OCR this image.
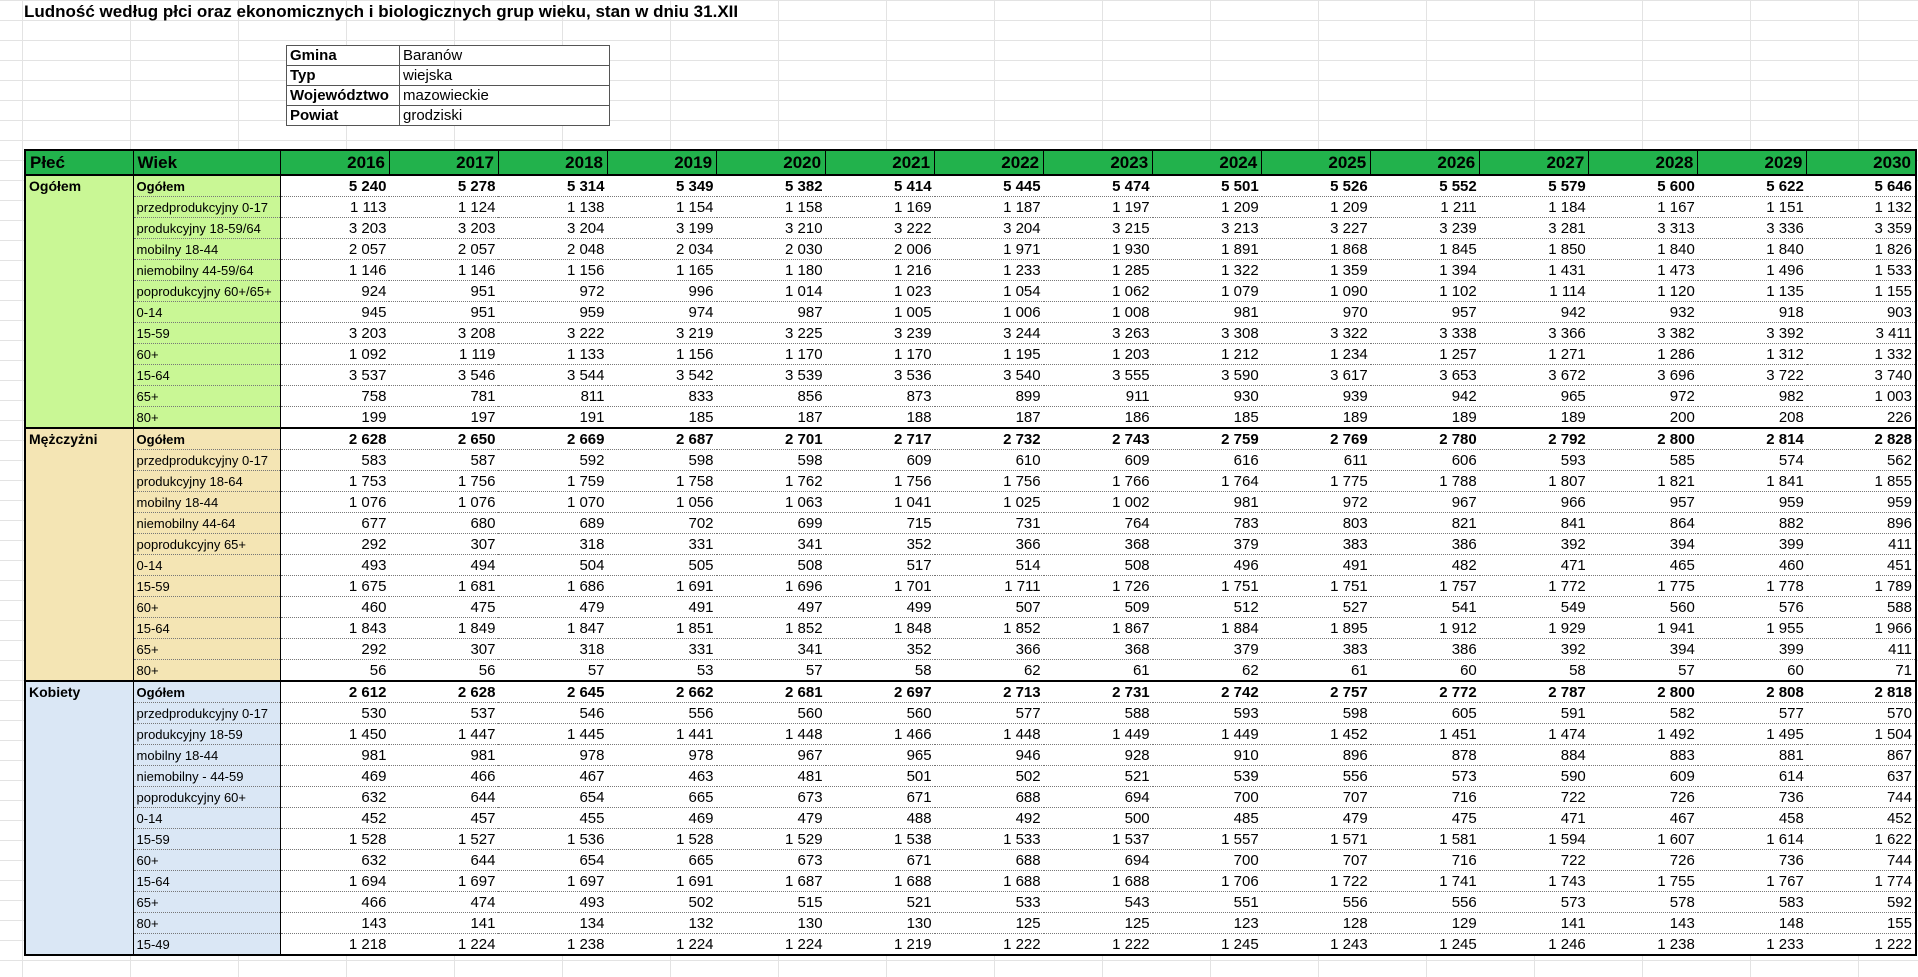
Ludność według płci oraz ekonomicznych i biologicznych grup wieku, stan w dniu 31.XII
Gmina	Baranów
Typ	wiejska
Województwo	mazowieckie
Powiat	grodziski
Płeć	Wiek	2016	2017	2018	2019	2020	2021	2022	2023	2024	2025	2026	2027	2028	2029	2030
Ogółem	Ogółem	5 240	5 278	5 314	5 349	5 382	5 414	5 445	5 474	5 501	5 526	5 552	5 579	5 600	5 622	5 646
	przedprodukcyjny 0-17	1 113	1 124	1 138	1 154	1 158	1 169	1 187	1 197	1 209	1 209	1 211	1 184	1 167	1 151	1 132
	produkcyjny 18-59/64	3 203	3 203	3 204	3 199	3 210	3 222	3 204	3 215	3 213	3 227	3 239	3 281	3 313	3 336	3 359
	mobilny 18-44	2 057	2 057	2 048	2 034	2 030	2 006	1 971	1 930	1 891	1 868	1 845	1 850	1 840	1 840	1 826
	niemobilny 44-59/64	1 146	1 146	1 156	1 165	1 180	1 216	1 233	1 285	1 322	1 359	1 394	1 431	1 473	1 496	1 533
	poprodukcyjny 60+/65+	924	951	972	996	1 014	1 023	1 054	1 062	1 079	1 090	1 102	1 114	1 120	1 135	1 155
	0-14	945	951	959	974	987	1 005	1 006	1 008	981	970	957	942	932	918	903
	15-59	3 203	3 208	3 222	3 219	3 225	3 239	3 244	3 263	3 308	3 322	3 338	3 366	3 382	3 392	3 411
	60+	1 092	1 119	1 133	1 156	1 170	1 170	1 195	1 203	1 212	1 234	1 257	1 271	1 286	1 312	1 332
	15-64	3 537	3 546	3 544	3 542	3 539	3 536	3 540	3 555	3 590	3 617	3 653	3 672	3 696	3 722	3 740
	65+	758	781	811	833	856	873	899	911	930	939	942	965	972	982	1 003
	80+	199	197	191	185	187	188	187	186	185	189	189	189	200	208	226
Mężczyżni	Ogółem	2 628	2 650	2 669	2 687	2 701	2 717	2 732	2 743	2 759	2 769	2 780	2 792	2 800	2 814	2 828
	przedprodukcyjny 0-17	583	587	592	598	598	609	610	609	616	611	606	593	585	574	562
	produkcyjny 18-64	1 753	1 756	1 759	1 758	1 762	1 756	1 756	1 766	1 764	1 775	1 788	1 807	1 821	1 841	1 855
	mobilny 18-44	1 076	1 076	1 070	1 056	1 063	1 041	1 025	1 002	981	972	967	966	957	959	959
	niemobilny 44-64	677	680	689	702	699	715	731	764	783	803	821	841	864	882	896
	poprodukcyjny 65+	292	307	318	331	341	352	366	368	379	383	386	392	394	399	411
	0-14	493	494	504	505	508	517	514	508	496	491	482	471	465	460	451
	15-59	1 675	1 681	1 686	1 691	1 696	1 701	1 711	1 726	1 751	1 751	1 757	1 772	1 775	1 778	1 789
	60+	460	475	479	491	497	499	507	509	512	527	541	549	560	576	588
	15-64	1 843	1 849	1 847	1 851	1 852	1 848	1 852	1 867	1 884	1 895	1 912	1 929	1 941	1 955	1 966
	65+	292	307	318	331	341	352	366	368	379	383	386	392	394	399	411
	80+	56	56	57	53	57	58	62	61	62	61	60	58	57	60	71
Kobiety	Ogółem	2 612	2 628	2 645	2 662	2 681	2 697	2 713	2 731	2 742	2 757	2 772	2 787	2 800	2 808	2 818
	przedprodukcyjny 0-17	530	537	546	556	560	560	577	588	593	598	605	591	582	577	570
	produkcyjny 18-59	1 450	1 447	1 445	1 441	1 448	1 466	1 448	1 449	1 449	1 452	1 451	1 474	1 492	1 495	1 504
	mobilny 18-44	981	981	978	978	967	965	946	928	910	896	878	884	883	881	867
	niemobilny - 44-59	469	466	467	463	481	501	502	521	539	556	573	590	609	614	637
	poprodukcyjny 60+	632	644	654	665	673	671	688	694	700	707	716	722	726	736	744
	0-14	452	457	455	469	479	488	492	500	485	479	475	471	467	458	452
	15-59	1 528	1 527	1 536	1 528	1 529	1 538	1 533	1 537	1 557	1 571	1 581	1 594	1 607	1 614	1 622
	60+	632	644	654	665	673	671	688	694	700	707	716	722	726	736	744
	15-64	1 694	1 697	1 697	1 691	1 687	1 688	1 688	1 688	1 706	1 722	1 741	1 743	1 755	1 767	1 774
	65+	466	474	493	502	515	521	533	543	551	556	556	573	578	583	592
	80+	143	141	134	132	130	130	125	125	123	128	129	141	143	148	155
	15-49	1 218	1 224	1 238	1 224	1 224	1 219	1 222	1 222	1 245	1 243	1 245	1 246	1 238	1 233	1 222
